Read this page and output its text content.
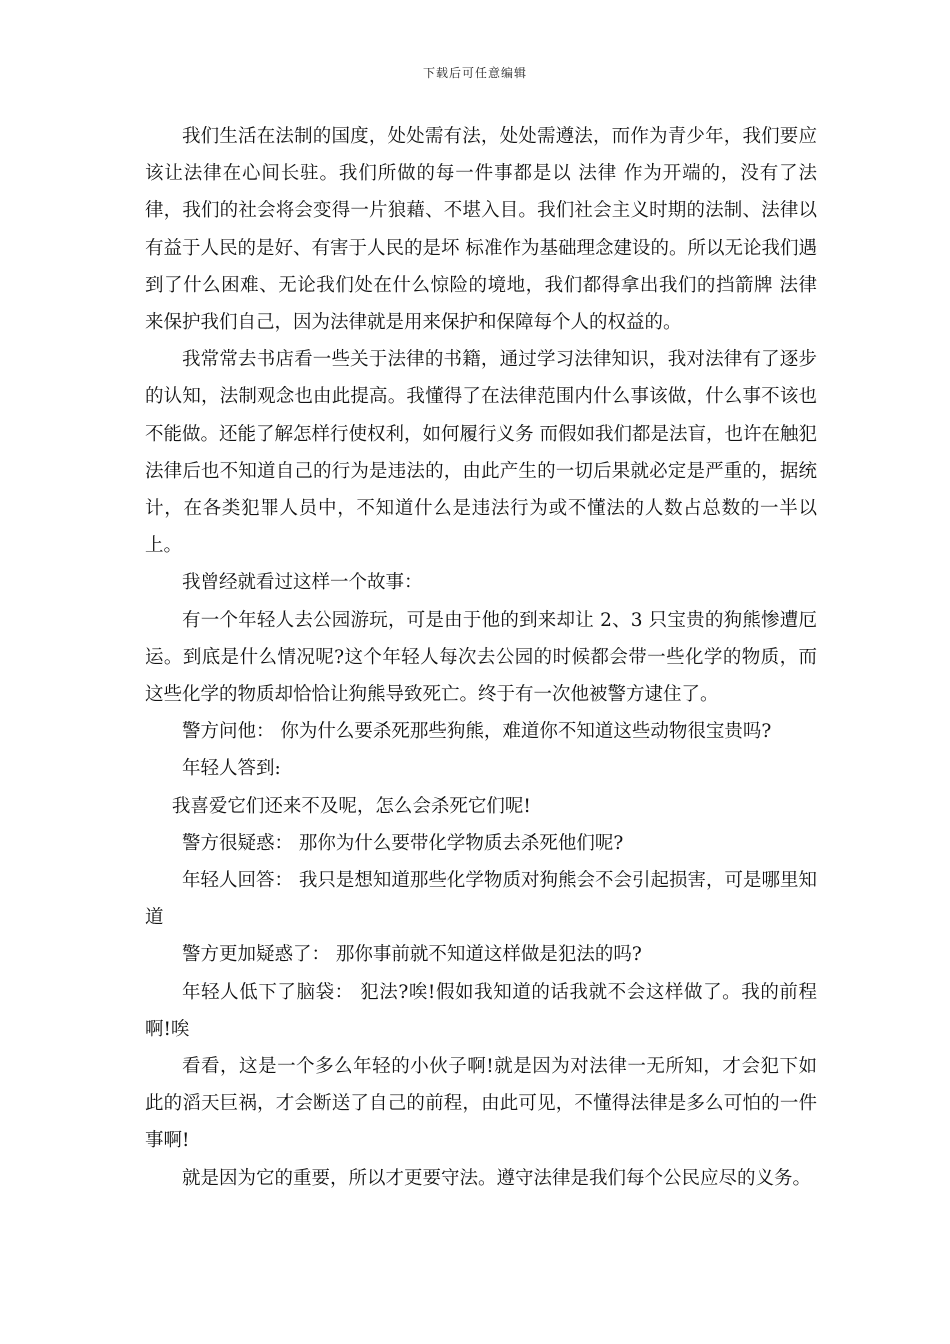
下载后可任意编辑

我们生活在法制的国度，处处需有法，处处需遵法，而作为青少年，我们要应该让法律在心间长驻。我们所做的每一件事都是以 法律 作为开端的，没有了法律，我们的社会将会变得一片狼藉、不堪入目。我们社会主义时期的法制、法律以 有益于人民的是好、有害于人民的是坏 标准作为基础理念建设的。所以无论我们遇到了什么困难、无论我们处在什么惊险的境地，我们都得拿出我们的挡箭牌 法律 来保护我们自己，因为法律就是用来保护和保障每个人的权益的。

我常常去书店看一些关于法律的书籍，通过学习法律知识，我对法律有了逐步的认知，法制观念也由此提高。我懂得了在法律范围内什么事该做，什么事不该也不能做。还能了解怎样行使权利，如何履行义务 而假如我们都是法盲，也许在触犯法律后也不知道自己的行为是违法的，由此产生的一切后果就必定是严重的，据统计，在各类犯罪人员中，不知道什么是违法行为或不懂法的人数占总数的一半以上。

我曾经就看过这样一个故事：

有一个年轻人去公园游玩，可是由于他的到来却让 2、3 只宝贵的狗熊惨遭厄运。到底是什么情况呢?这个年轻人每次去公园的时候都会带一些化学的物质，而这些化学的物质却恰恰让狗熊导致死亡。终于有一次他被警方逮住了。

警方问他： 你为什么要杀死那些狗熊，难道你不知道这些动物很宝贵吗?

年轻人答到:

我喜爱它们还来不及呢，怎么会杀死它们呢!

警方很疑惑： 那你为什么要带化学物质去杀死他们呢?

年轻人回答： 我只是想知道那些化学物质对狗熊会不会引起损害，可是哪里知道

警方更加疑惑了： 那你事前就不知道这样做是犯法的吗?

年轻人低下了脑袋： 犯法?唉!假如我知道的话我就不会这样做了。我的前程啊!唉

看看，这是一个多么年轻的小伙子啊!就是因为对法律一无所知，才会犯下如此的滔天巨祸，才会断送了自己的前程，由此可见，不懂得法律是多么可怕的一件事啊!

就是因为它的重要，所以才更要守法。遵守法律是我们每个公民应尽的义务。
